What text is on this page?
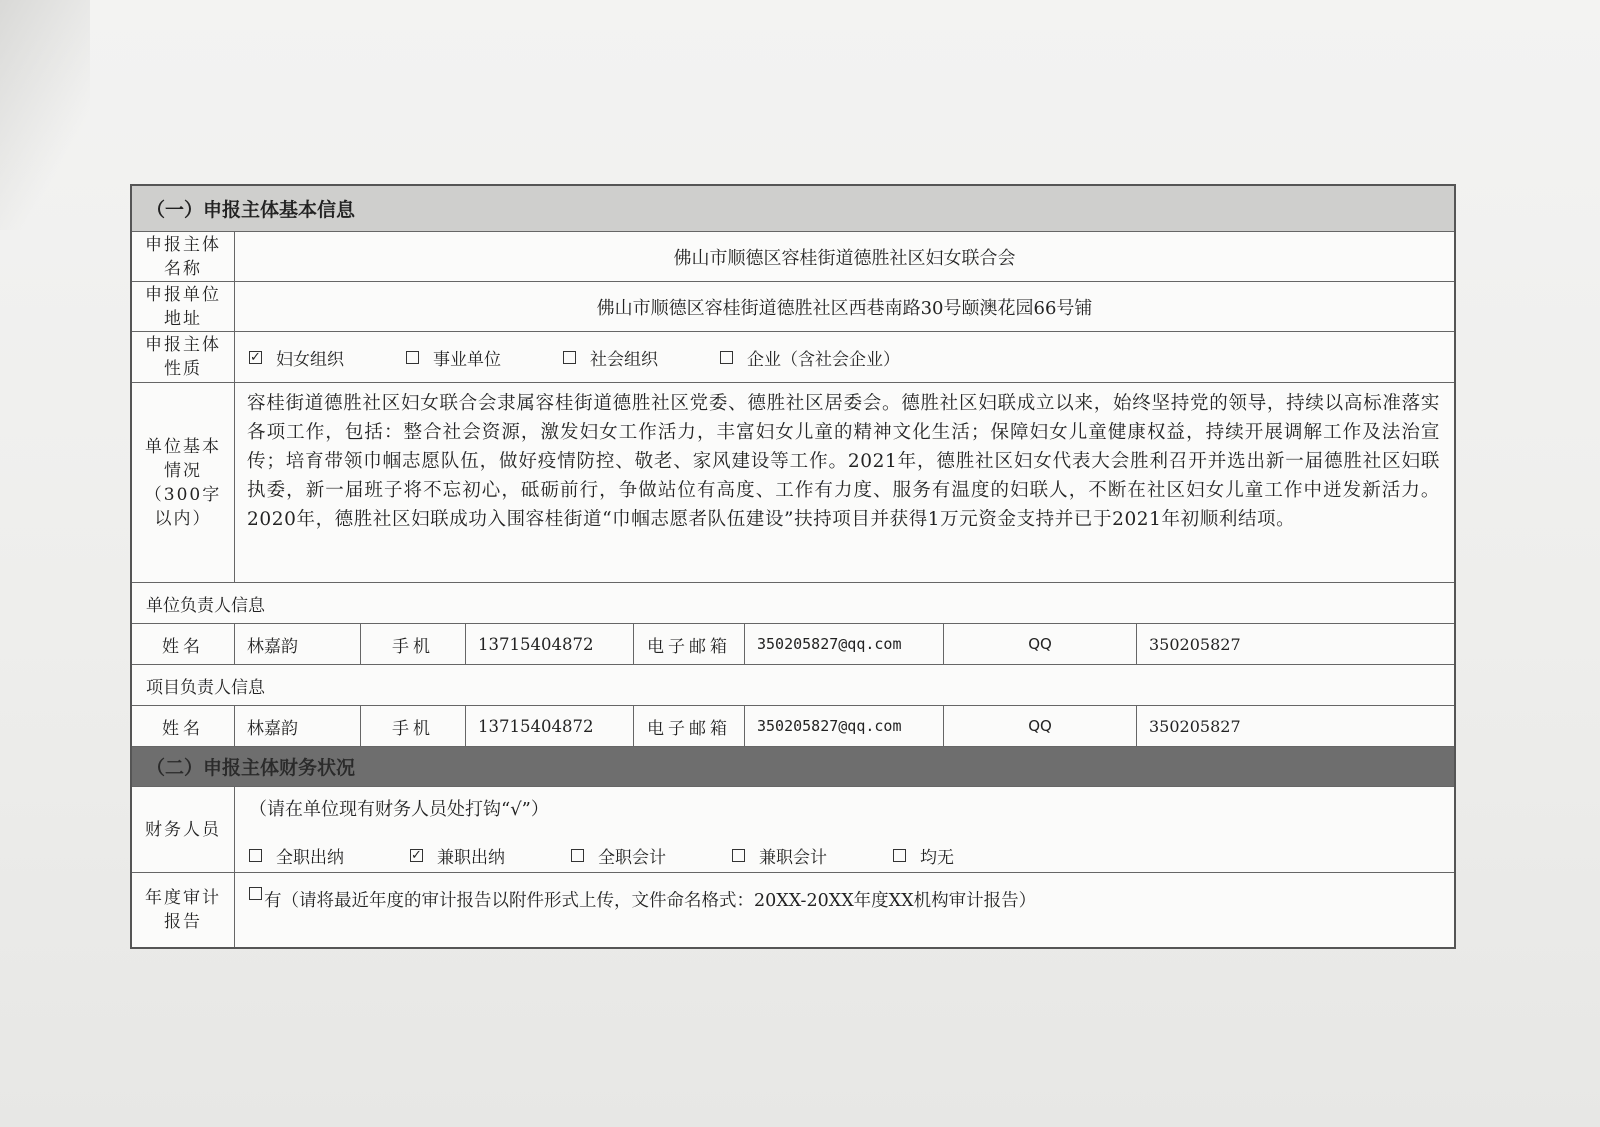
（一）申报主体基本信息
申报主体名称	佛山市顺德区容桂街道德胜社区妇女联合会
申报单位地址	佛山市顺德区容桂街道德胜社区西巷南路30号颐澳花园66号铺
申报主体性质
✓ 妇女组织	事业单位	社会组织	企业（含社会企业）
单位基本情况（300字以内）
容桂街道德胜社区妇女联合会隶属容桂街道德胜社区党委、德胜社区居委会。德胜社区妇联成立以来，始终坚持党的领导，持续以高标准落实各项工作，包括：整合社会资源，激发妇女工作活力，丰富妇女儿童的精神文化生活；保障妇女儿童健康权益，持续开展调解工作及法治宣传；培育带领巾帼志愿队伍，做好疫情防控、敬老、家风建设等工作。2021年，德胜社区妇女代表大会胜利召开并选出新一届德胜社区妇联执委，新一届班子将不忘初心，砥砺前行，争做站位有高度、工作有力度、服务有温度的妇联人，不断在社区妇女儿童工作中迸发新活力。 2020年，德胜社区妇联成功入围容桂街道“巾帼志愿者队伍建设”扶持项目并获得1万元资金支持并已于2021年初顺利结项。
单位负责人信息
姓名	林嘉韵	手机	13715404872	电子邮箱	350205827@qq.com	QQ	350205827
项目负责人信息
姓名	林嘉韵	手机	13715404872	电子邮箱	350205827@qq.com	QQ	350205827
（二）申报主体财务状况
财务人员
（请在单位现有财务人员处打钩“√”）
全职出纳	✓ 兼职出纳	全职会计	兼职会计	均无
年度审计报告
有 （请将最近年度的审计报告以附件形式上传，文件命名格式：20XX-20XX年度XX机构审计报告）
